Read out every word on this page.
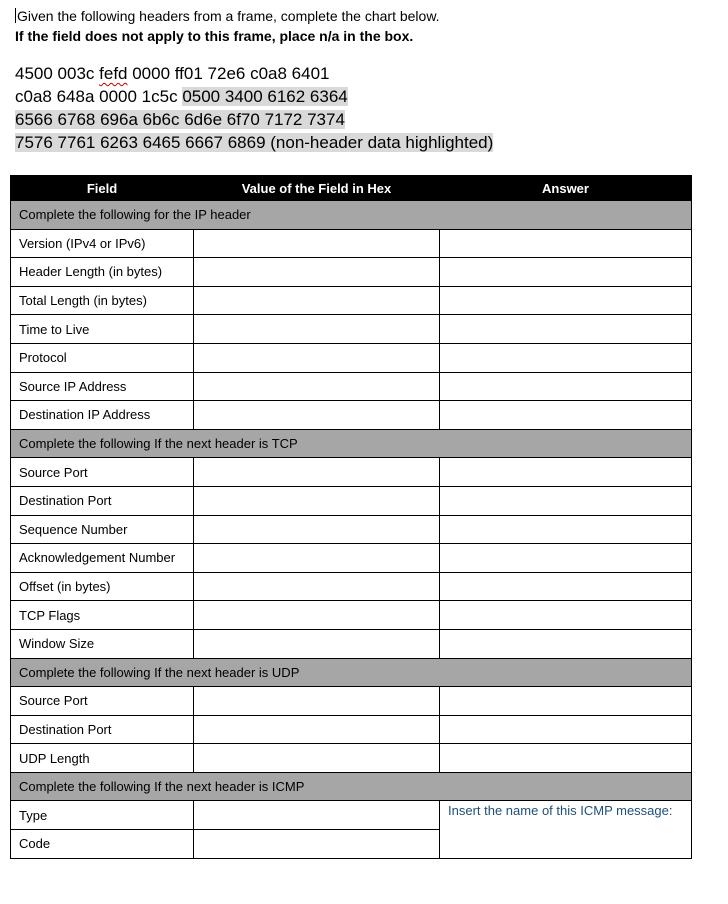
Given the following headers from a frame, complete the chart below.
If the field does not apply to this frame, place n/a in the box.
4500 003c fefd 0000 ff01 72e6 c0a8 6401
c0a8 648a 0000 1c5c 0500 3400 6162 6364
6566 6768 696a 6b6c 6d6e 6f70 7172 7374
7576 7761 6263 6465 6667 6869 (non-header data highlighted)
Field	Value of the Field in Hex	Answer
Complete the following for the IP header		
Version (IPv4 or IPv6)		
Header Length (in bytes)		
Total Length (in bytes)		
Time to Live		
Protocol		
Source IP Address		
Destination IP Address		
Complete the following If the next header is TCP		
Source Port		
Destination Port		
Sequence Number		
Acknowledgement Number		
Offset (in bytes)		
TCP Flags		
Window Size		
Complete the following If the next header is UDP		
Source Port		
Destination Port		
UDP Length		
Complete the following If the next header is ICMP		
Type		Insert the name of this ICMP message:
Code		
